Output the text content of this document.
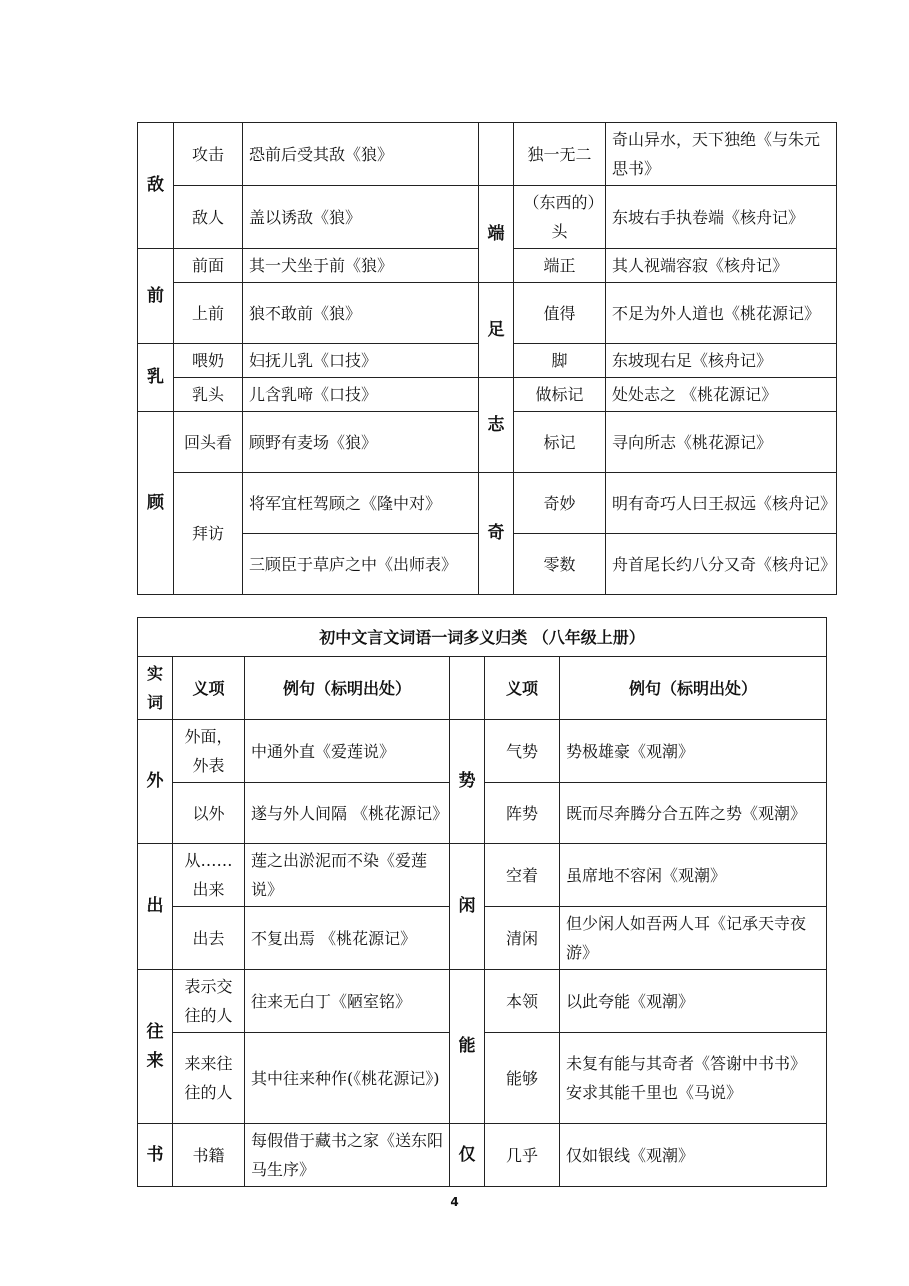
敌	攻击	恐前后受其敌《狼》		独一无二	奇山异水，天下独绝《与朱元思书》
	敌人	盖以诱敌《狼》	端	（东西的）头	东坡右手执卷端《核舟记》
前	前面	其一犬坐于前《狼》		端正	其人视端容寂《核舟记》
	上前	狼不敢前《狼》	足	值得	不足为外人道也《桃花源记》
乳	喂奶	妇抚儿乳《口技》		脚	东坡现右足《核舟记》
	乳头	儿含乳啼《口技》	志	做标记	处处志之 《桃花源记》
顾	回头看	顾野有麦场《狼》		标记	寻向所志《桃花源记》
	拜访	将军宜枉驾顾之《隆中对》	奇	奇妙	明有奇巧人曰王叔远《核舟记》
		三顾臣于草庐之中《出师表》		零数	舟首尾长约八分又奇《核舟记》
初中文言文词语一词多义归类 （八年级上册）					
实词	义项	例句（标明出处）		义项	例句（标明出处）
外	外面，外表	中通外直《爱莲说》	势	气势	势极雄豪《观潮》
	以外	遂与外人间隔 《桃花源记》		阵势	既而尽奔腾分合五阵之势《观潮》
出	从……出来	莲之出淤泥而不染《爱莲说》	闲	空着	虽席地不容闲《观潮》
	出去	不复出焉 《桃花源记》		清闲	但少闲人如吾两人耳《记承天寺夜游》
往来	表示交往的人	往来无白丁《陋室铭》	能	本领	以此夸能《观潮》
	来来往往的人	其中往来种作(《桃花源记》)		能够	未复有能与其奇者《答谢中书书》 安求其能千里也《马说》
书	书籍	每假借于藏书之家《送东阳马生序》	仅	几乎	仅如银线《观潮》
4
